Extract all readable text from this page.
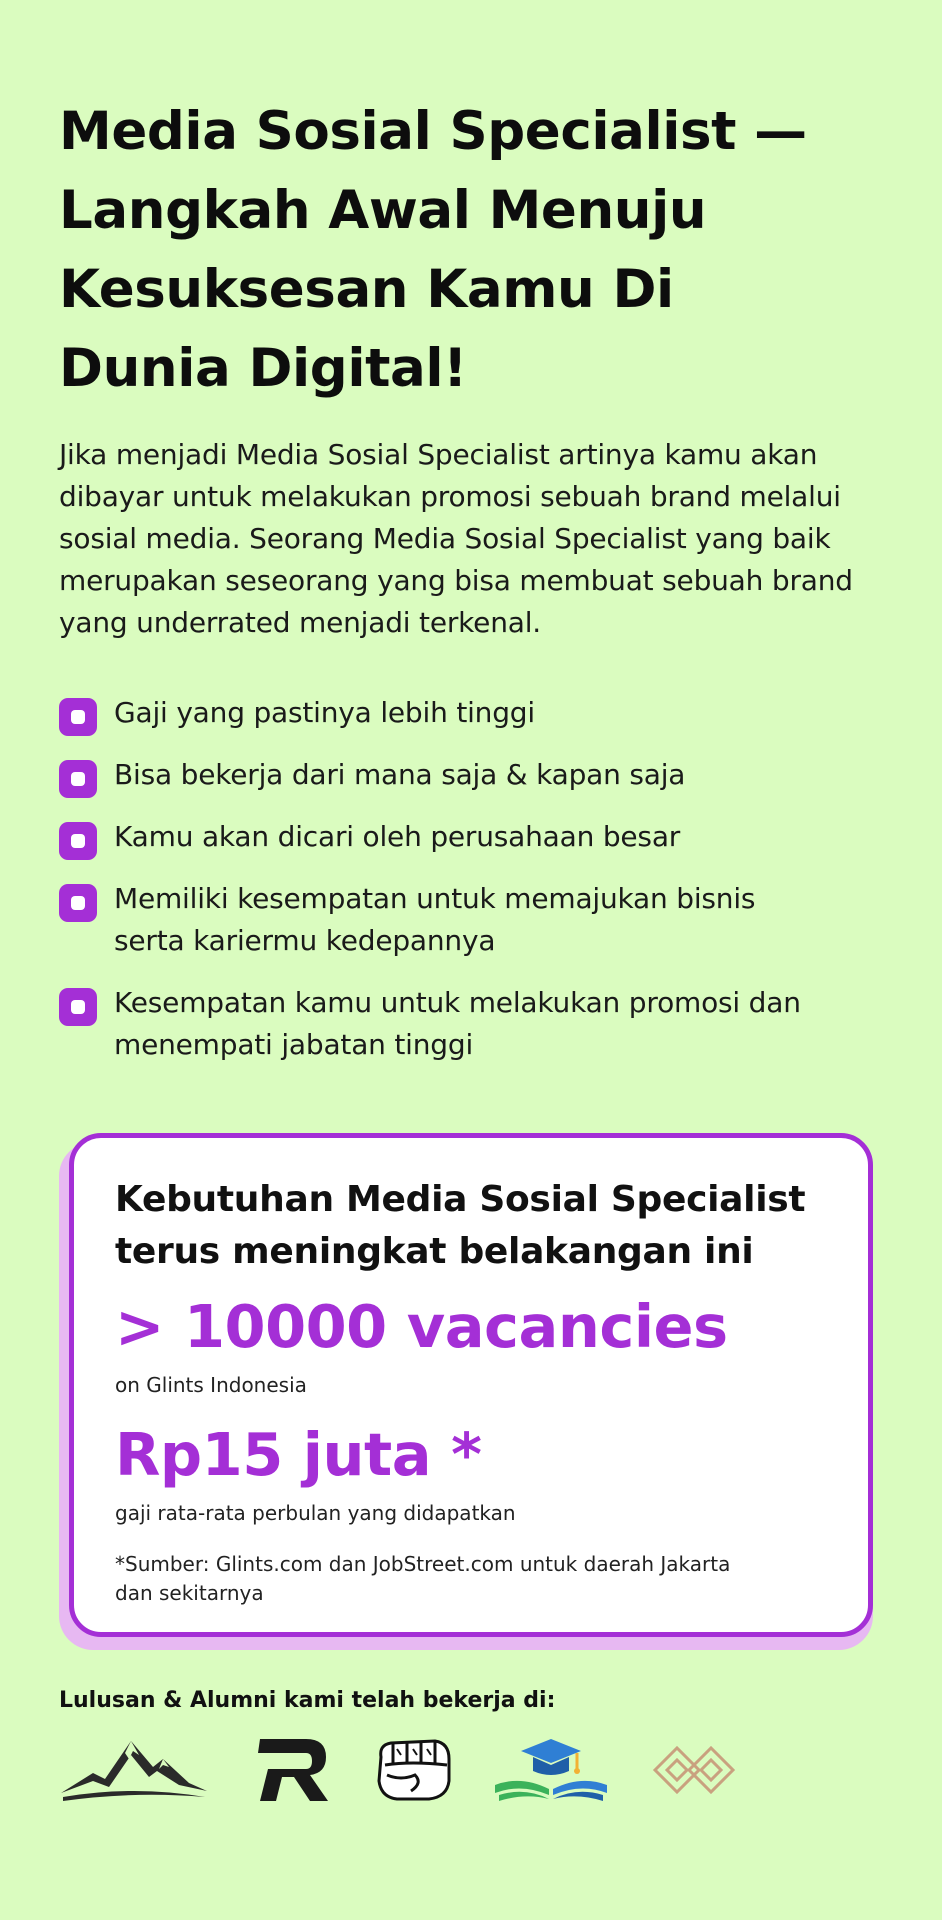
Media Sosial Specialist — Langkah Awal Menuju Kesuksesan Kamu Di Dunia Digital!

Jika menjadi Media Sosial Specialist artinya kamu akan dibayar untuk melakukan promosi sebuah brand melalui sosial media. Seorang Media Sosial Specialist yang baik merupakan seseorang yang bisa membuat sebuah brand yang underrated menjadi terkenal.

Gaji yang pastinya lebih tinggi
Bisa bekerja dari mana saja & kapan saja
Kamu akan dicari oleh perusahaan besar
Memiliki kesempatan untuk memajukan bisnis serta kariermu kedepannya
Kesempatan kamu untuk melakukan promosi dan menempati jabatan tinggi
Kebutuhan Media Sosial Specialist terus meningkat belakangan ini
> 10000 vacancies
on Glints Indonesia
Rp15 juta *
gaji rata-rata perbulan yang didapatkan
*Sumber: Glints.com dan JobStreet.com untuk daerah Jakarta dan sekitarnya
Lulusan & Alumni kami telah bekerja di:
